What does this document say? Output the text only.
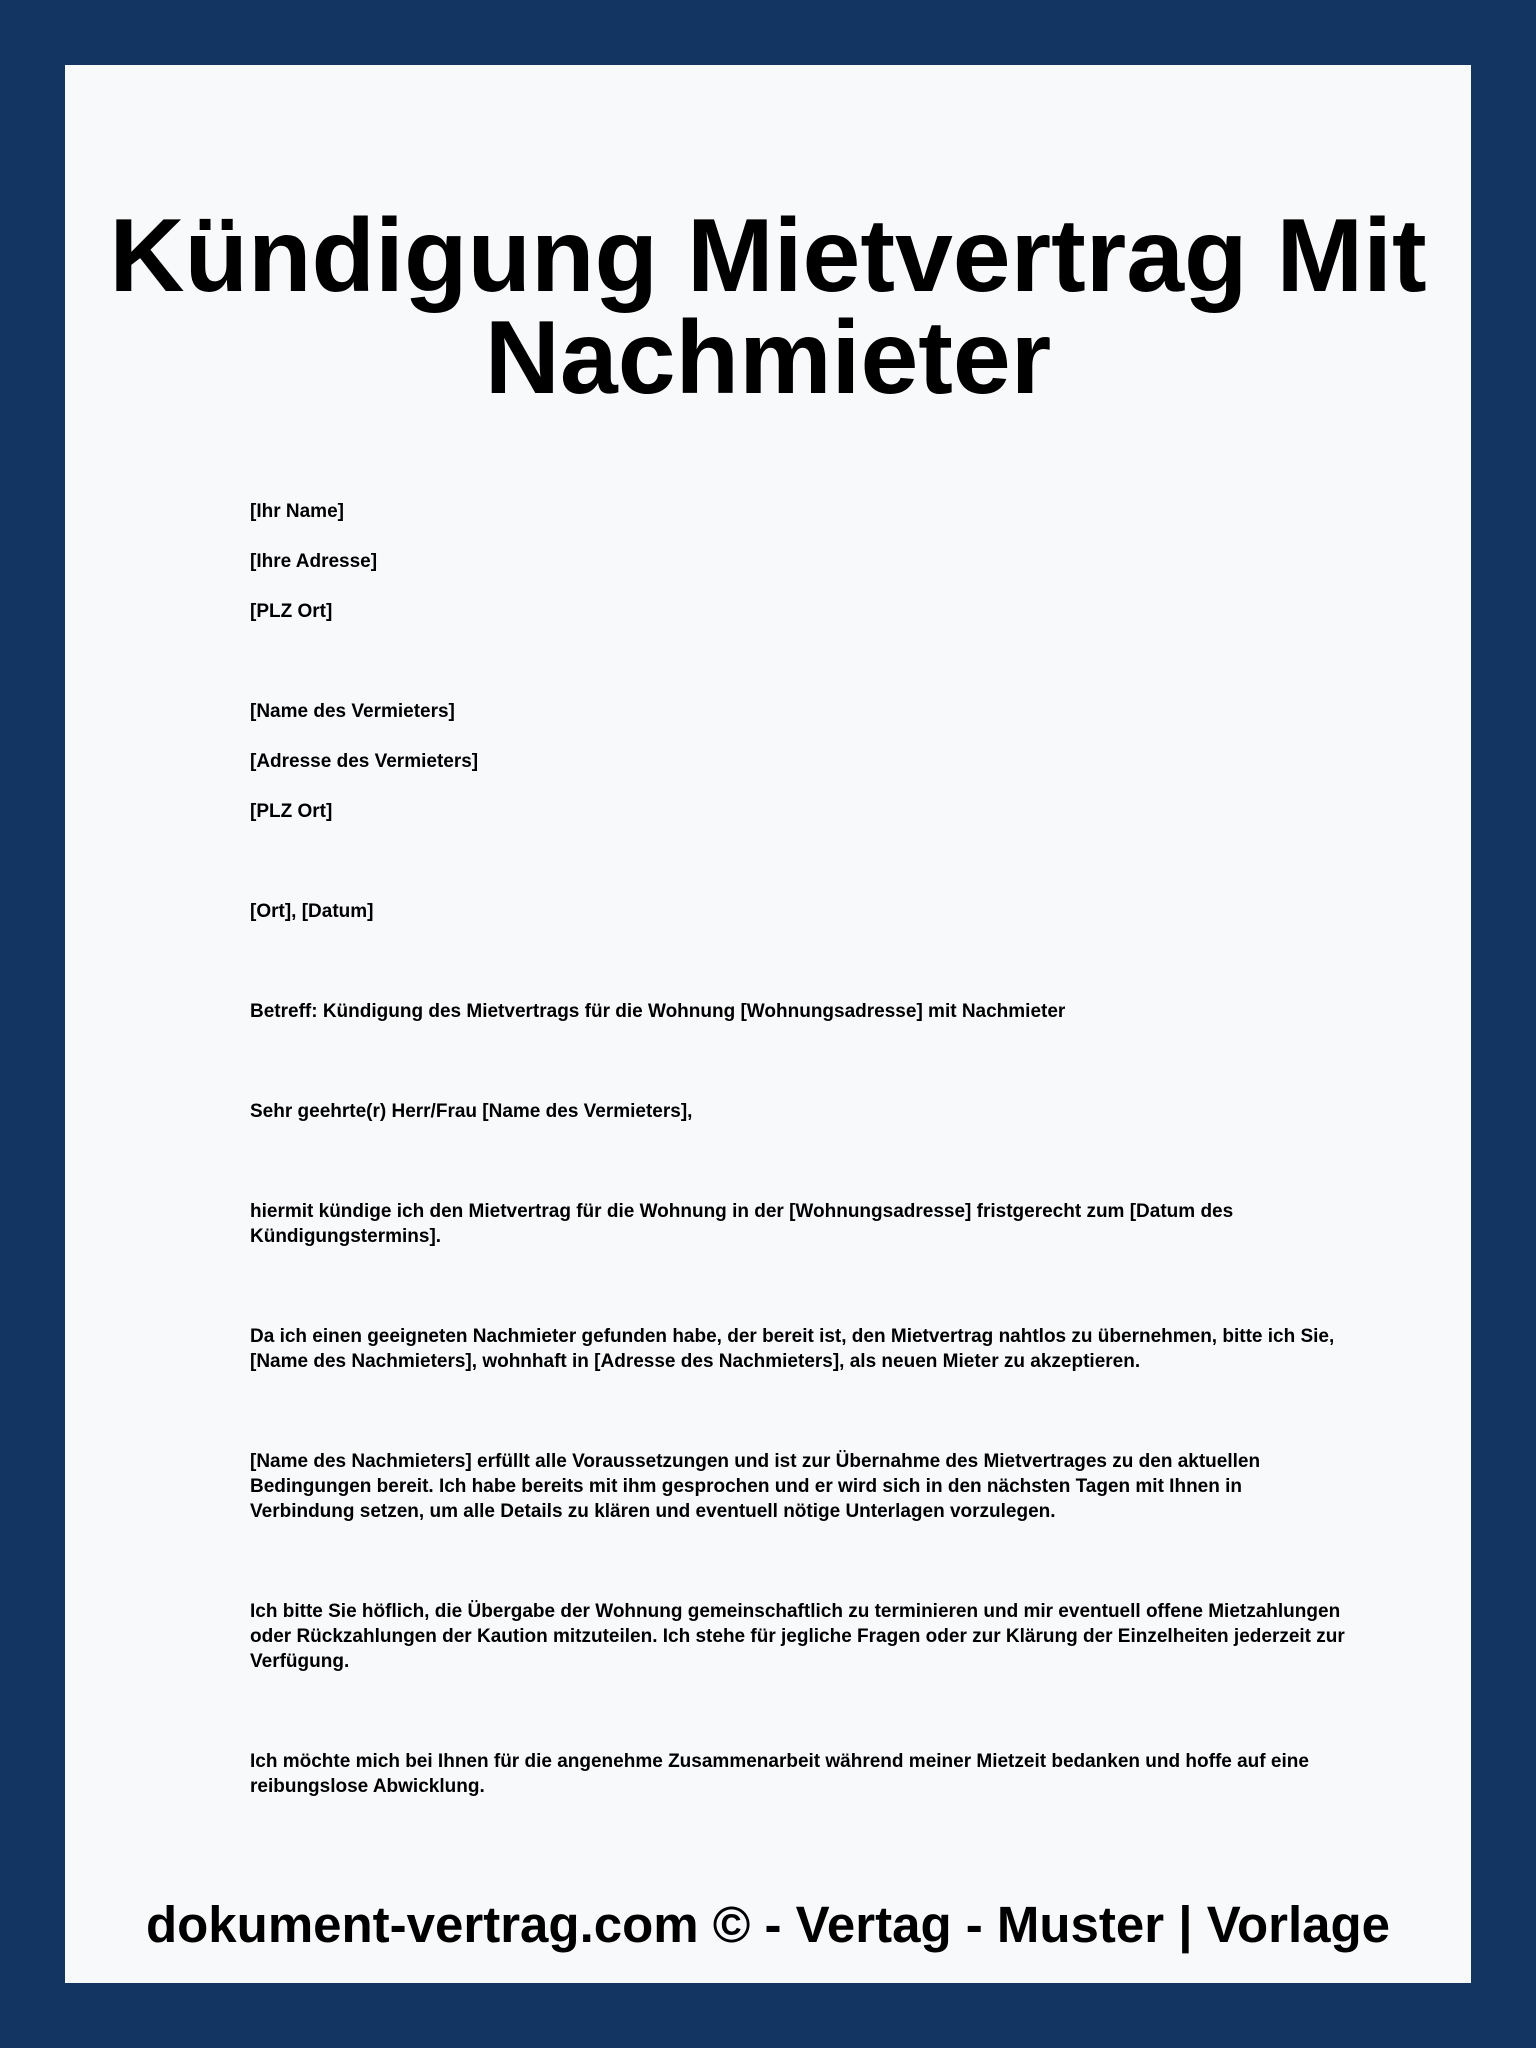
Kündigung Mietvertrag Mit
Nachmieter

[Ihr Name]

[Ihre Adresse]

[PLZ Ort]

[Name des Vermieters]

[Adresse des Vermieters]

[PLZ Ort]

[Ort], [Datum]

Betreff: Kündigung des Mietvertrags für die Wohnung [Wohnungsadresse] mit Nachmieter

Sehr geehrte(r) Herr/Frau [Name des Vermieters],

hiermit kündige ich den Mietvertrag für die Wohnung in der [Wohnungsadresse] fristgerecht zum [Datum des Kündigungstermins].

Da ich einen geeigneten Nachmieter gefunden habe, der bereit ist, den Mietvertrag nahtlos zu übernehmen, bitte ich Sie, [Name des Nachmieters], wohnhaft in [Adresse des Nachmieters], als neuen Mieter zu akzeptieren.

[Name des Nachmieters] erfüllt alle Voraussetzungen und ist zur Übernahme des Mietvertrages zu den aktuellen Bedingungen bereit. Ich habe bereits mit ihm gesprochen und er wird sich in den nächsten Tagen mit Ihnen in Verbindung setzen, um alle Details zu klären und eventuell nötige Unterlagen vorzulegen.

Ich bitte Sie höflich, die Übergabe der Wohnung gemeinschaftlich zu terminieren und mir eventuell offene Mietzahlungen oder Rückzahlungen der Kaution mitzuteilen. Ich stehe für jegliche Fragen oder zur Klärung der Einzelheiten jederzeit zur Verfügung.

Ich möchte mich bei Ihnen für die angenehme Zusammenarbeit während meiner Mietzeit bedanken und hoffe auf eine reibungslose Abwicklung.

dokument-vertrag.com © - Vertag - Muster | Vorlage
